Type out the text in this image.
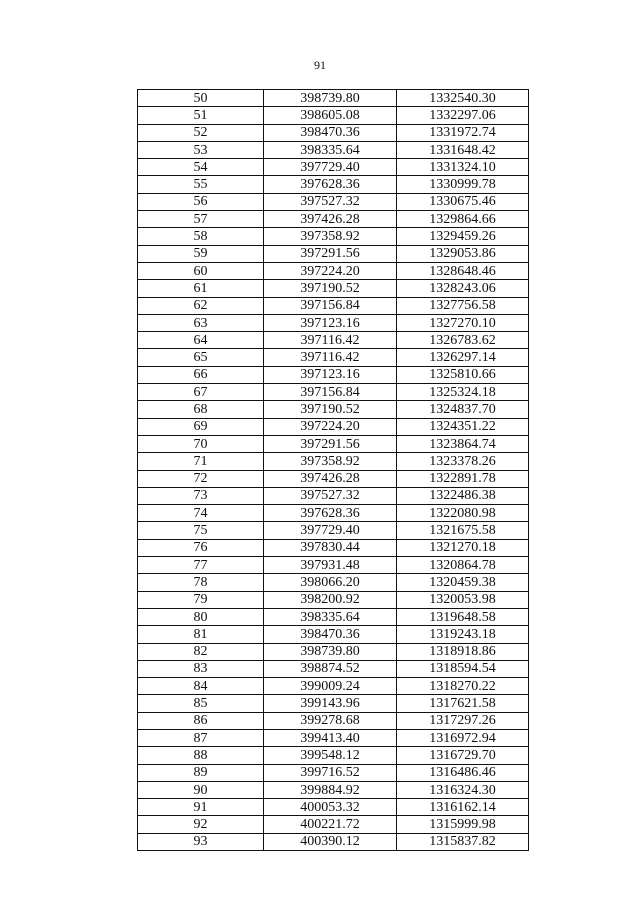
91
50	398739.80	1332540.30
51	398605.08	1332297.06
52	398470.36	1331972.74
53	398335.64	1331648.42
54	397729.40	1331324.10
55	397628.36	1330999.78
56	397527.32	1330675.46
57	397426.28	1329864.66
58	397358.92	1329459.26
59	397291.56	1329053.86
60	397224.20	1328648.46
61	397190.52	1328243.06
62	397156.84	1327756.58
63	397123.16	1327270.10
64	397116.42	1326783.62
65	397116.42	1326297.14
66	397123.16	1325810.66
67	397156.84	1325324.18
68	397190.52	1324837.70
69	397224.20	1324351.22
70	397291.56	1323864.74
71	397358.92	1323378.26
72	397426.28	1322891.78
73	397527.32	1322486.38
74	397628.36	1322080.98
75	397729.40	1321675.58
76	397830.44	1321270.18
77	397931.48	1320864.78
78	398066.20	1320459.38
79	398200.92	1320053.98
80	398335.64	1319648.58
81	398470.36	1319243.18
82	398739.80	1318918.86
83	398874.52	1318594.54
84	399009.24	1318270.22
85	399143.96	1317621.58
86	399278.68	1317297.26
87	399413.40	1316972.94
88	399548.12	1316729.70
89	399716.52	1316486.46
90	399884.92	1316324.30
91	400053.32	1316162.14
92	400221.72	1315999.98
93	400390.12	1315837.82
